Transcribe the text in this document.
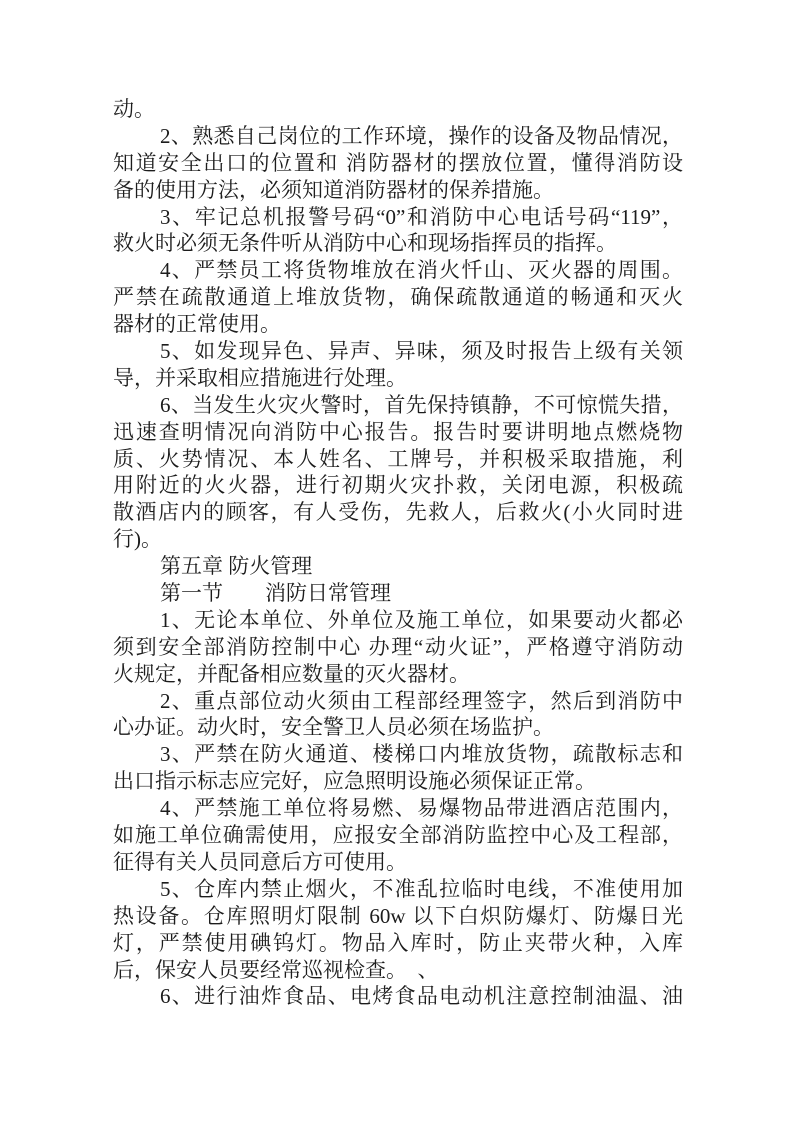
动。
2、熟悉自己岗位的工作环境，操作的设备及物品情况，
知道安全出口的位置和 消防器材的摆放位置，懂得消防设
备的使用方法，必须知道消防器材的保养措施。
3、牢记总机报警号码“0”和消防中心电话号码“119”，
救火时必须无条件听从消防中心和现场指挥员的指挥。
4、严禁员工将货物堆放在消火忏山、灭火器的周围。
严禁在疏散通道上堆放货物，确保疏散通道的畅通和灭火
器材的正常使用。
5、如发现异色、异声、异味，须及时报告上级有关领
导，并采取相应措施进行处理。
6、当发生火灾火警时，首先保持镇静，不可惊慌失措，
迅速查明情况向消防中心报告。报告时要讲明地点燃烧物
质、火势情况、本人姓名、工牌号，并积极采取措施，利
用附近的火火器，进行初期火灾扑救，关闭电源，积极疏
散酒店内的顾客，有人受伤，先救人，后救火(小火同时进
行)。
第五章 防火管理
第一节　　消防日常管理
1、无论本单位、外单位及施工单位，如果要动火都必
须到安全部消防控制中心 办理“动火证”，严格遵守消防动
火规定，并配备相应数量的灭火器材。
2、重点部位动火须由工程部经理签字，然后到消防中
心办证。动火时，安全警卫人员必须在场监护。
3、严禁在防火通道、楼梯口内堆放货物，疏散标志和
出口指示标志应完好，应急照明设施必须保证正常。
4、严禁施工单位将易燃、易爆物品带进酒店范围内，
如施工单位确需使用，应报安全部消防监控中心及工程部，
征得有关人员同意后方可使用。
5、仓库内禁止烟火，不准乱拉临时电线，不准使用加
热设备。仓库照明灯限制 60w 以下白炽防爆灯、防爆日光
灯，严禁使用碘钨灯。物品入库时，防止夹带火种，入库
后，保安人员要经常巡视检查。　、
6、进行油炸食品、电烤食品电动机注意控制油温、油
